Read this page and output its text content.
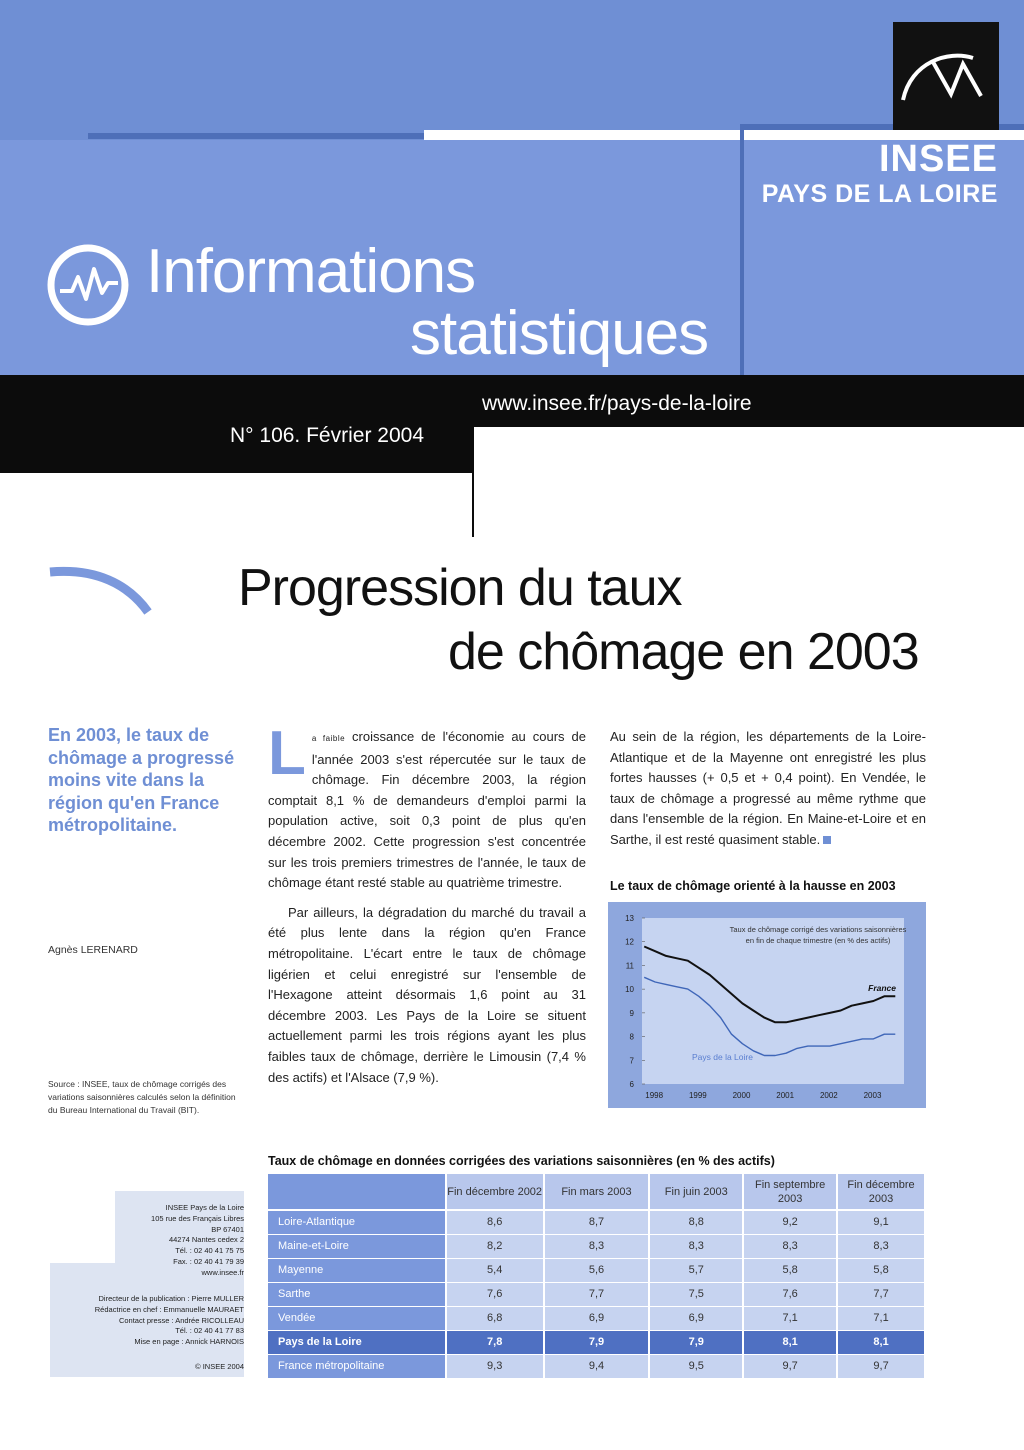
INSEE
PAYS DE LA LOIRE
Informations
statistiques
www.insee.fr/pays-de-la-loire
N° 106. Février 2004
Progression du taux
de chômage en 2003
En 2003, le taux de chômage a progressé moins vite dans la région qu'en France métropolitaine.
Agnès LERENARD
Source : INSEE, taux de chômage corrigés des variations saisonnières calculés selon la définition du Bureau International du Travail (BIT).
La faible croissance de l'économie au cours de l'année 2003 s'est répercutée sur le taux de chômage. Fin décembre 2003, la région comptait 8,1 % de demandeurs d'emploi parmi la population active, soit 0,3 point de plus qu'en décembre 2002. Cette progression s'est concentrée sur les trois premiers trimestres de l'année, le taux de chômage étant resté stable au quatrième trimestre.

Par ailleurs, la dégradation du marché du travail a été plus lente dans la région qu'en France métropolitaine. L'écart entre le taux de chômage ligérien et celui enregistré sur l'ensemble de l'Hexagone atteint désormais 1,6 point au 31 décembre 2003. Les Pays de la Loire se situent actuellement parmi les trois régions ayant les plus faibles taux de chômage, derrière le Limousin (7,4 % des actifs) et l'Alsace (7,9 %).

Au sein de la région, les départements de la Loire-Atlantique et de la Mayenne ont enregistré les plus fortes hausses (+ 0,5 et + 0,4 point). En Vendée, le taux de chômage a progressé au même rythme que dans l'ensemble de la région. En Maine-et-Loire et en Sarthe, il est resté quasiment stable.
Le taux de chômage orienté à la hausse en 2003
6
7
8
9
10
11
12
13
1998	1999	2000	2001	2002	2003
Taux de chômage corrigé des variations saisonnières
en fin de chaque trimestre (en % des actifs)
France
Pays de la Loire
Taux de chômage en données corrigées des variations saisonnières (en % des actifs)
	Fin décembre 2002	Fin mars 2003	Fin juin 2003	Fin septembre 2003	Fin décembre 2003
Loire-Atlantique	8,6	8,7	8,8	9,2	9,1
Maine-et-Loire	8,2	8,3	8,3	8,3	8,3
Mayenne	5,4	5,6	5,7	5,8	5,8
Sarthe	7,6	7,7	7,5	7,6	7,7
Vendée	6,8	6,9	6,9	7,1	7,1
Pays de la Loire	7,8	7,9	7,9	8,1	8,1
France métropolitaine	9,3	9,4	9,5	9,7	9,7
INSEE Pays de la Loire
105 rue des Français Libres
BP 67401
44274 Nantes cedex 2
Tél. : 02 40 41 75 75
Fax. : 02 40 41 79 39
www.insee.fr
Directeur de la publication : Pierre MULLER
Rédactrice en chef : Emmanuelle MAURAET
Contact presse : Andrée RICOLLEAU
Tél. : 02 40 41 77 83
Mise en page : Annick HARNOIS
© INSEE 2004
